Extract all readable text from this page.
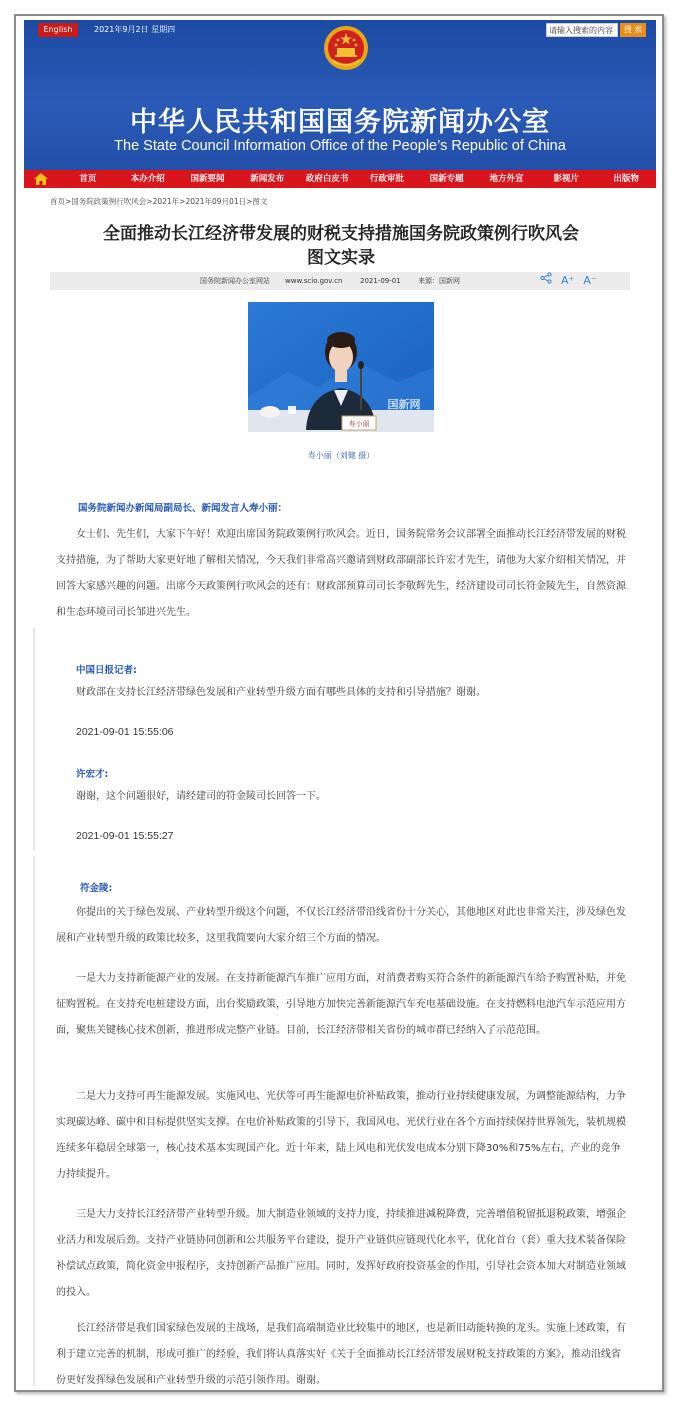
English	2021年9月2日 星期四
请输入搜索的内容	搜 索
中华人民共和国国务院新闻办公室
The State Council Information Office of the People’s Republic of China
首页	本办介绍	国新要闻	新闻发布	政府白皮书	行政审批	国新专题	地方外宣	影视片	出版物
首页>国务院政策例行吹风会>2021年>2021年09月01日>图文
全面推动长江经济带发展的财税支持措施国务院政策例行吹风会
图文实录
国务院新闻办公室网站 www.scio.gov.cn	2021-09-01 来源：国新网	A⁺ A⁻
寿小丽
国新网
寿小丽（刘健 摄）
国务院新闻办新闻局副局长、新闻发言人寿小丽：
女士们、先生们，大家下午好！欢迎出席国务院政策例行吹风会。近日，国务院常务会议部署全面推动长江经济带发展的财税支持措施，为了帮助大家更好地了解相关情况，今天我们非常高兴邀请到财政部副部长许宏才先生，请他为大家介绍相关情况，并回答大家感兴趣的问题。出席今天政策例行吹风会的还有：财政部预算司司长李敬辉先生，经济建设司司长符金陵先生，自然资源和生态环境司司长邹进兴先生。
中国日报记者:
财政部在支持长江经济带绿色发展和产业转型升级方面有哪些具体的支持和引导措施？谢谢。
2021-09-01 15:55:06
许宏才:
谢谢，这个问题很好，请经建司的符金陵司长回答一下。
2021-09-01 15:55:27
符金陵:
你提出的关于绿色发展、产业转型升级这个问题，不仅长江经济带沿线省份十分关心，其他地区对此也非常关注，涉及绿色发展和产业转型升级的政策比较多，这里我简要向大家介绍三个方面的情况。
一是大力支持新能源产业的发展。在支持新能源汽车推广应用方面，对消费者购买符合条件的新能源汽车给予购置补贴，并免征购置税。在支持充电桩建设方面，出台奖励政策，引导地方加快完善新能源汽车充电基础设施。在支持燃料电池汽车示范应用方面，聚焦关键核心技术创新，推进形成完整产业链。目前，长江经济带相关省份的城市群已经纳入了示范范围。
二是大力支持可再生能源发展。实施风电、光伏等可再生能源电价补贴政策，推动行业持续健康发展，为调整能源结构，力争实现碳达峰、碳中和目标提供坚实支撑。在电价补贴政策的引导下，我国风电、光伏行业在各个方面持续保持世界领先，装机规模连续多年稳居全球第一，核心技术基本实现国产化。近十年来，陆上风电和光伏发电成本分别下降30%和75%左右，产业的竞争力持续提升。
三是大力支持长江经济带产业转型升级。加大制造业领域的支持力度，持续推进减税降费，完善增值税留抵退税政策，增强企业活力和发展后劲。支持产业链协同创新和公共服务平台建设，提升产业链供应链现代化水平，优化首台（套）重大技术装备保险补偿试点政策，简化资金申报程序，支持创新产品推广应用。同时，发挥好政府投资基金的作用，引导社会资本加大对制造业领域的投入。
长江经济带是我们国家绿色发展的主战场，是我们高端制造业比较集中的地区，也是新旧动能转换的龙头。实施上述政策，有利于建立完善的机制，形成可推广的经验，我们将认真落实好《关于全面推动长江经济带发展财税支持政策的方案》，推动沿线省份更好发挥绿色发展和产业转型升级的示范引领作用。谢谢。
